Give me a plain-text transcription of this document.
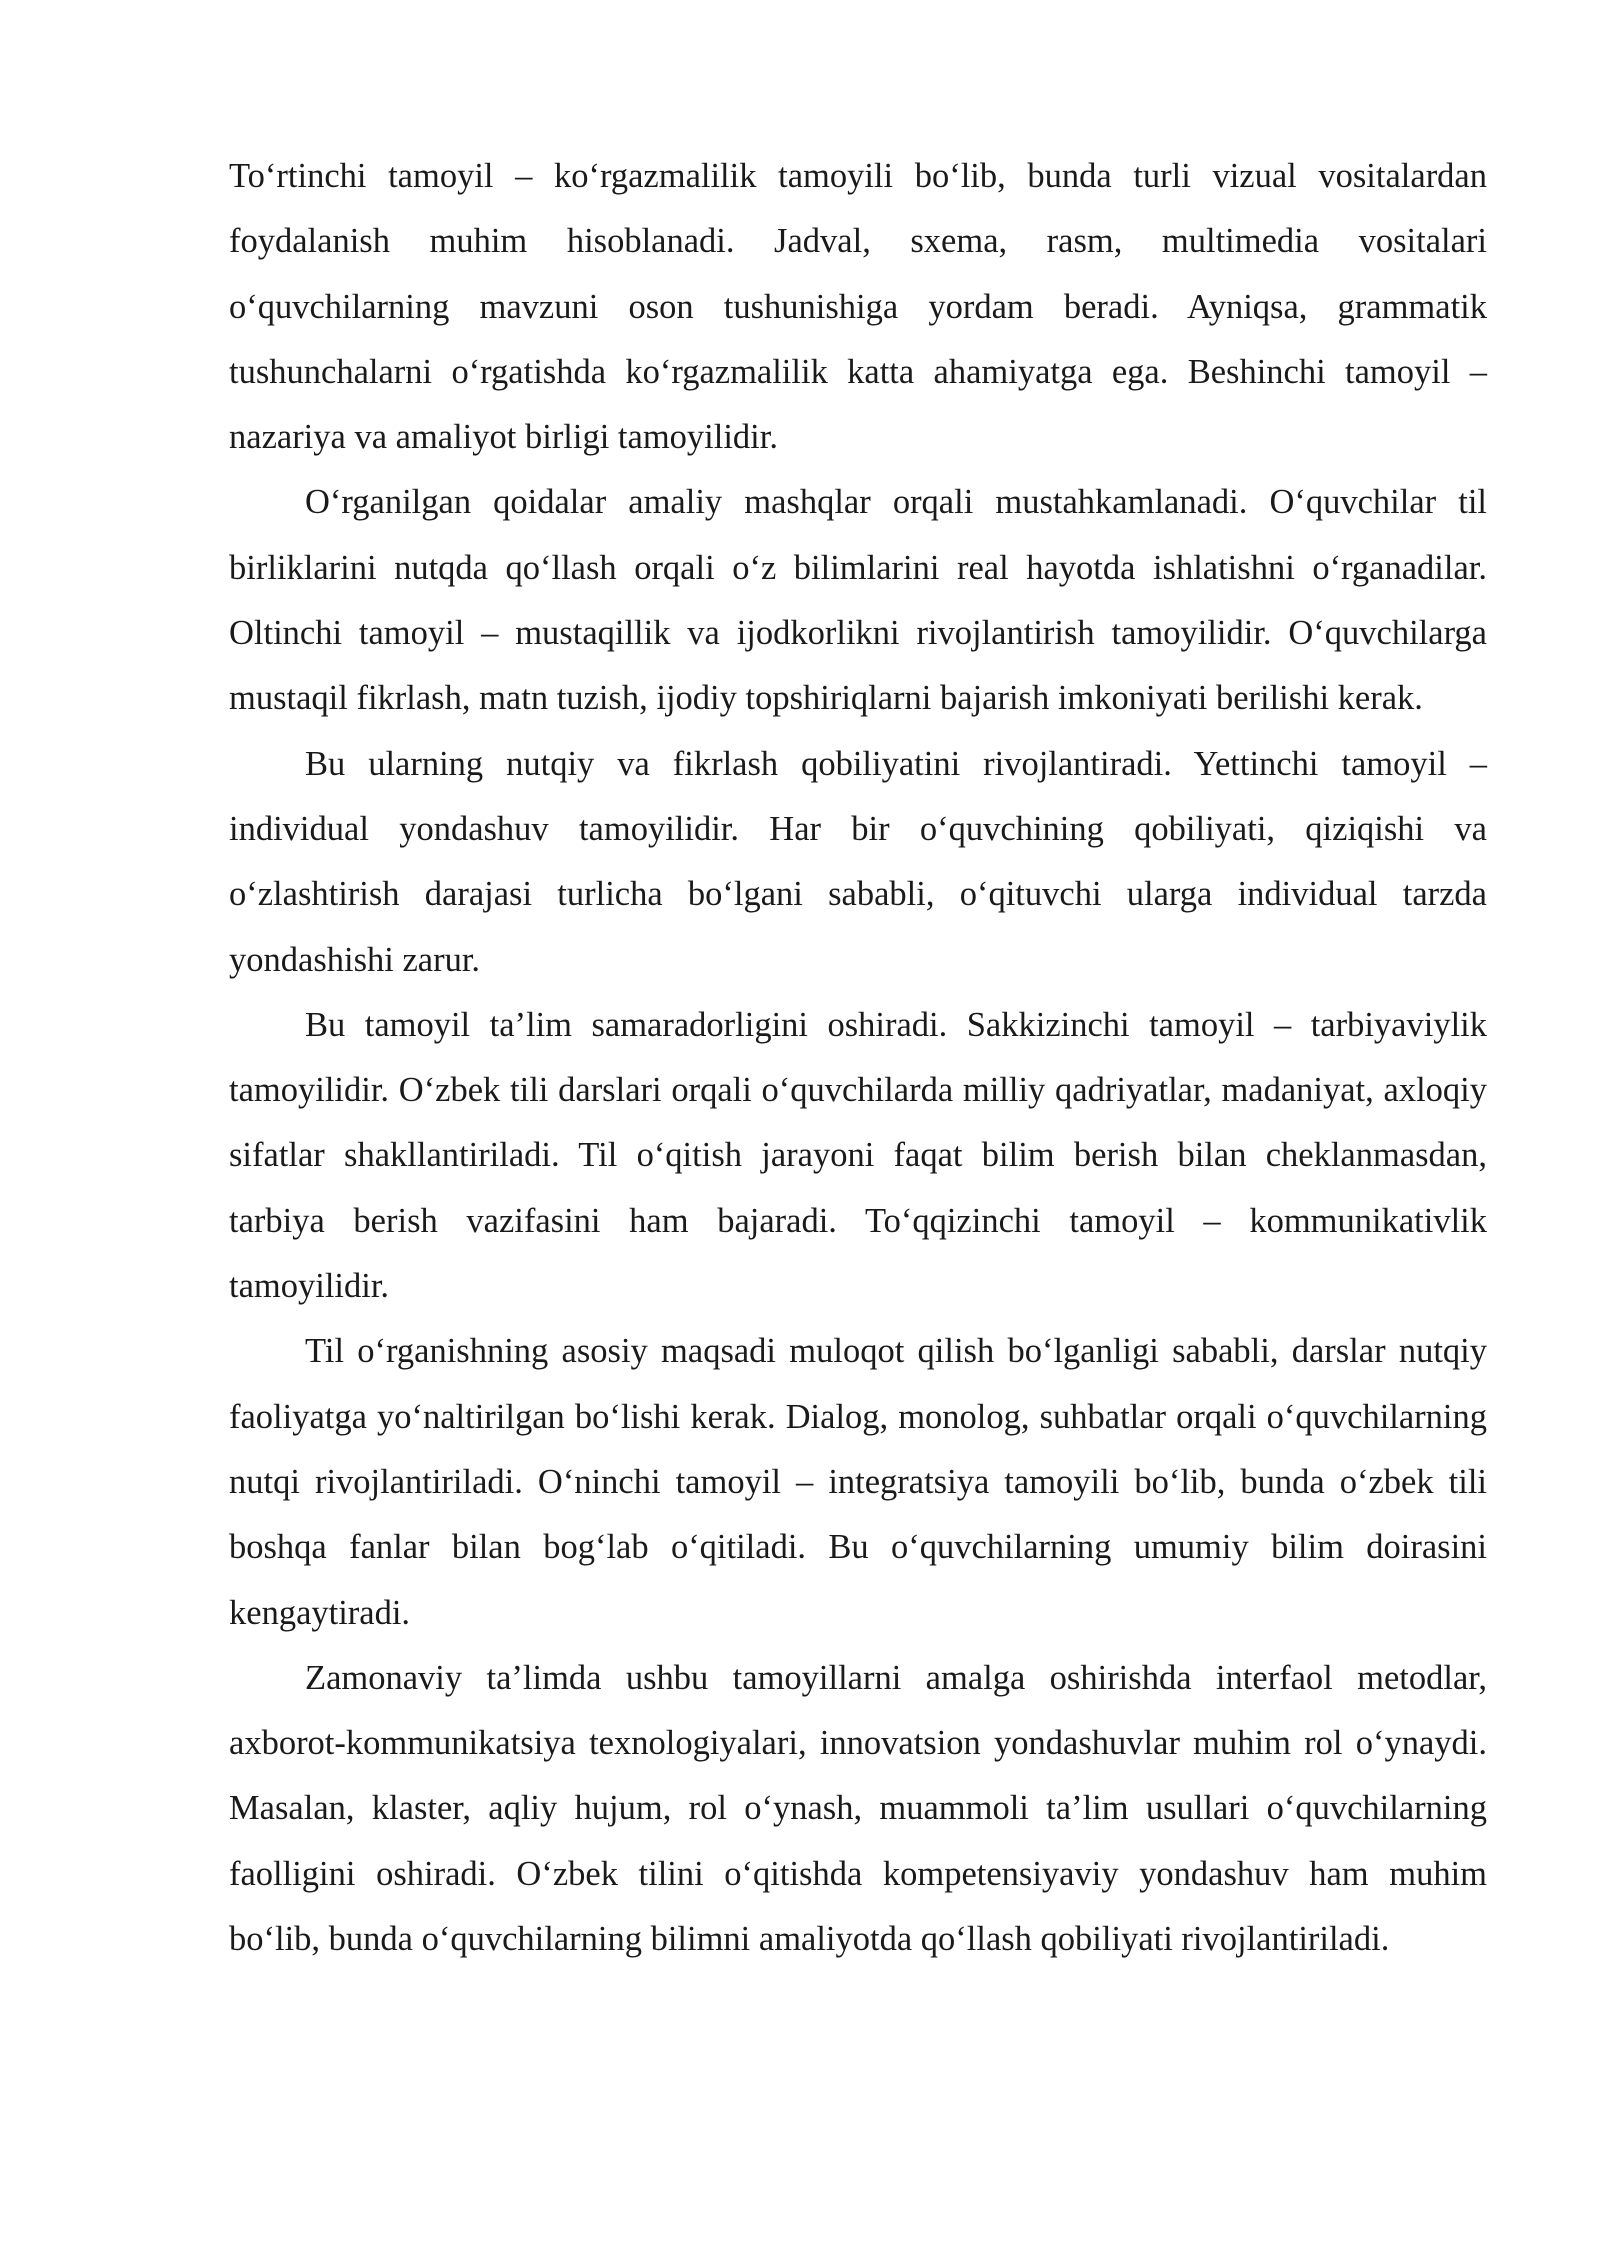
To‘rtinchi tamoyil – ko‘rgazmalilik tamoyili bo‘lib, bunda turli vizual vositalardan foydalanish muhim hisoblanadi. Jadval, sxema, rasm, multimedia vositalari o‘quvchilarning mavzuni oson tushunishiga yordam beradi. Ayniqsa, grammatik tushunchalarni o‘rgatishda ko‘rgazmalilik katta ahamiyatga ega. Beshinchi tamoyil – nazariya va amaliyot birligi tamoyilidir.

O‘rganilgan qoidalar amaliy mashqlar orqali mustahkamlanadi. O‘quvchilar til birliklarini nutqda qo‘llash orqali o‘z bilimlarini real hayotda ishlatishni o‘rganadilar. Oltinchi tamoyil – mustaqillik va ijodkorlikni rivojlantirish tamoyilidir. O‘quvchilarga mustaqil fikrlash, matn tuzish, ijodiy topshiriqlarni bajarish imkoniyati berilishi kerak.

Bu ularning nutqiy va fikrlash qobiliyatini rivojlantiradi. Yettinchi tamoyil – individual yondashuv tamoyilidir. Har bir o‘quvchining qobiliyati, qiziqishi va o‘zlashtirish darajasi turlicha bo‘lgani sababli, o‘qituvchi ularga individual tarzda yondashishi zarur.

Bu tamoyil ta’lim samaradorligini oshiradi. Sakkizinchi tamoyil – tarbiyaviylik tamoyilidir. O‘zbek tili darslari orqali o‘quvchilarda milliy qadriyatlar, madaniyat, axloqiy sifatlar shakllantiriladi. Til o‘qitish jarayoni faqat bilim berish bilan cheklanmasdan, tarbiya berish vazifasini ham bajaradi. To‘qqizinchi tamoyil – kommunikativlik tamoyilidir.

Til o‘rganishning asosiy maqsadi muloqot qilish bo‘lganligi sababli, darslar nutqiy faoliyatga yo‘naltirilgan bo‘lishi kerak. Dialog, monolog, suhbatlar orqali o‘quvchilarning nutqi rivojlantiriladi. O‘ninchi tamoyil – integratsiya tamoyili bo‘lib, bunda o‘zbek tili boshqa fanlar bilan bog‘lab o‘qitiladi. Bu o‘quvchilarning umumiy bilim doirasini kengaytiradi.

Zamonaviy ta’limda ushbu tamoyillarni amalga oshirishda interfaol metodlar, axborot-kommunikatsiya texnologiyalari, innovatsion yondashuvlar muhim rol o‘ynaydi. Masalan, klaster, aqliy hujum, rol o‘ynash, muammoli ta’lim usullari o‘quvchilarning faolligini oshiradi. O‘zbek tilini o‘qitishda kompetensiyaviy yondashuv ham muhim bo‘lib, bunda o‘quvchilarning bilimni amaliyotda qo‘llash qobiliyati rivojlantiriladi.
